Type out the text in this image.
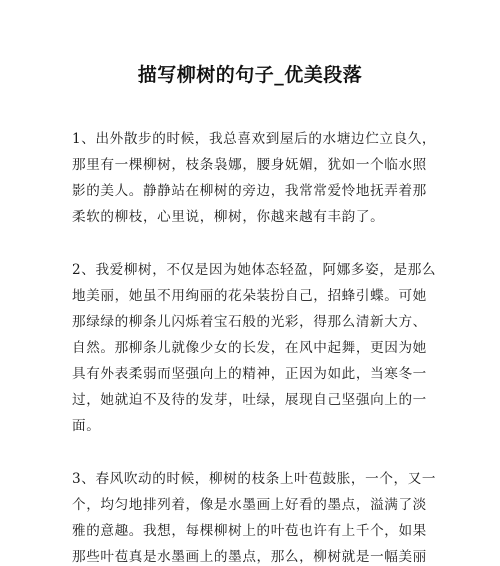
描写柳树的句子_优美段落
1、出外散步的时候，我总喜欢到屋后的水塘边伫立良久，
那里有一棵柳树，枝条袅娜，腰身妩媚，犹如一个临水照
影的美人。静静站在柳树的旁边，我常常爱怜地抚弄着那
柔软的柳枝，心里说，柳树，你越来越有丰韵了。
2、我爱柳树，不仅是因为她体态轻盈，阿娜多姿，是那么
地美丽，她虽不用绚丽的花朵装扮自己，招蜂引蝶。可她
那绿绿的柳条儿闪烁着宝石般的光彩，得那么清新大方、
自然。那柳条儿就像少女的长发，在风中起舞，更因为她
具有外表柔弱而坚强向上的精神，正因为如此，当寒冬一
过，她就迫不及待的发芽，吐绿，展现自己坚强向上的一
面。
3、春风吹动的时候，柳树的枝条上叶苞鼓胀，一个，又一
个，均匀地排列着，像是水墨画上好看的墨点，溢满了淡
雅的意趣。我想，每棵柳树上的叶苞也许有上千个，如果
那些叶苞真是水墨画上的墨点，那么，柳树就是一幅美丽
